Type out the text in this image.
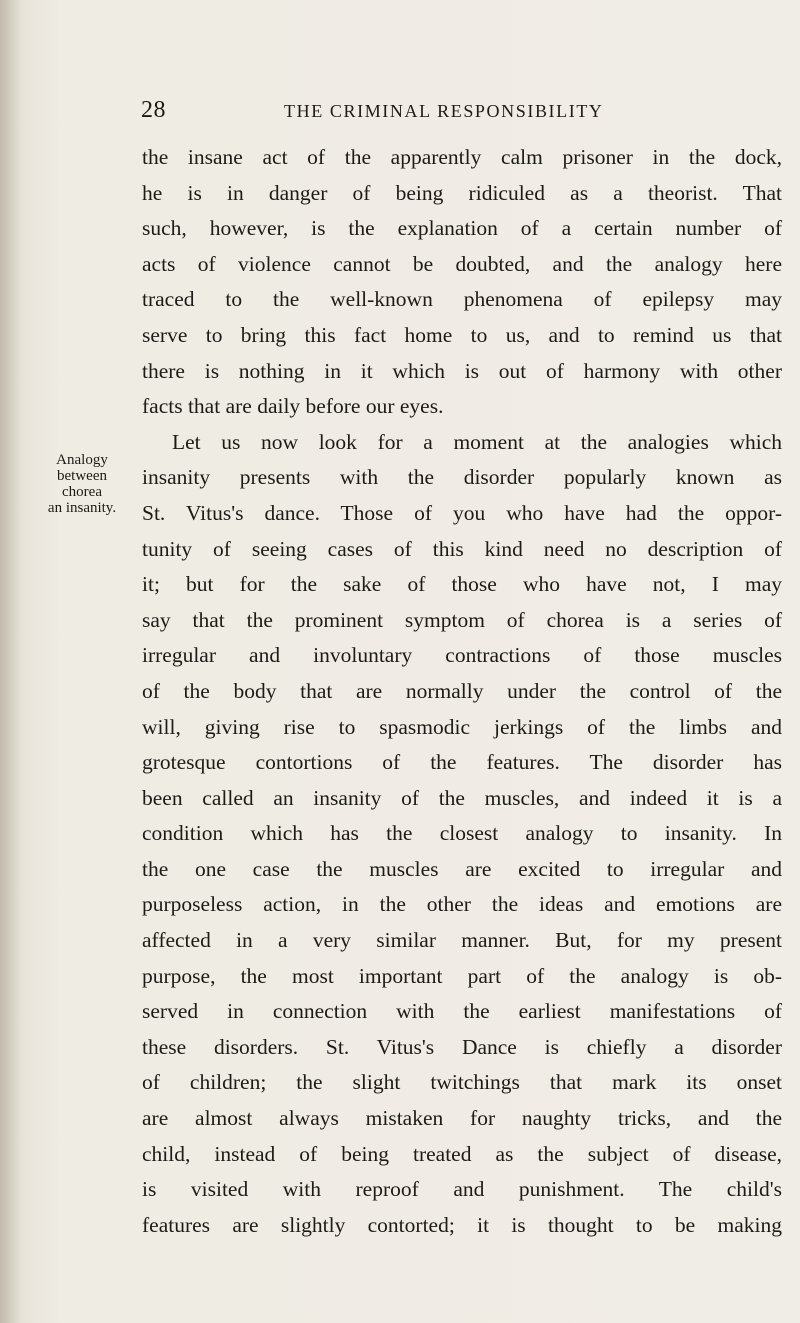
28	THE CRIMINAL RESPONSIBILITY
Analogy
between
chorea
an insanity.
the insane act of the apparently calm prisoner in the dock,
he is in danger of being ridiculed as a theorist. That
such, however, is the explanation of a certain number of
acts of violence cannot be doubted, and the analogy here
traced to the well-known phenomena of epilepsy may
serve to bring this fact home to us, and to remind us that
there is nothing in it which is out of harmony with other
facts that are daily before our eyes.
Let us now look for a moment at the analogies which
insanity presents with the disorder popularly known as
St. Vitus's dance. Those of you who have had the oppor-
tunity of seeing cases of this kind need no description of
it; but for the sake of those who have not, I may
say that the prominent symptom of chorea is a series of
irregular and involuntary contractions of those muscles
of the body that are normally under the control of the
will, giving rise to spasmodic jerkings of the limbs and
grotesque contortions of the features. The disorder has
been called an insanity of the muscles, and indeed it is a
condition which has the closest analogy to insanity. In
the one case the muscles are excited to irregular and
purposeless action, in the other the ideas and emotions are
affected in a very similar manner. But, for my present
purpose, the most important part of the analogy is ob-
served in connection with the earliest manifestations of
these disorders. St. Vitus's Dance is chiefly a disorder
of children; the slight twitchings that mark its onset
are almost always mistaken for naughty tricks, and the
child, instead of being treated as the subject of disease,
is visited with reproof and punishment. The child's
features are slightly contorted; it is thought to be making
